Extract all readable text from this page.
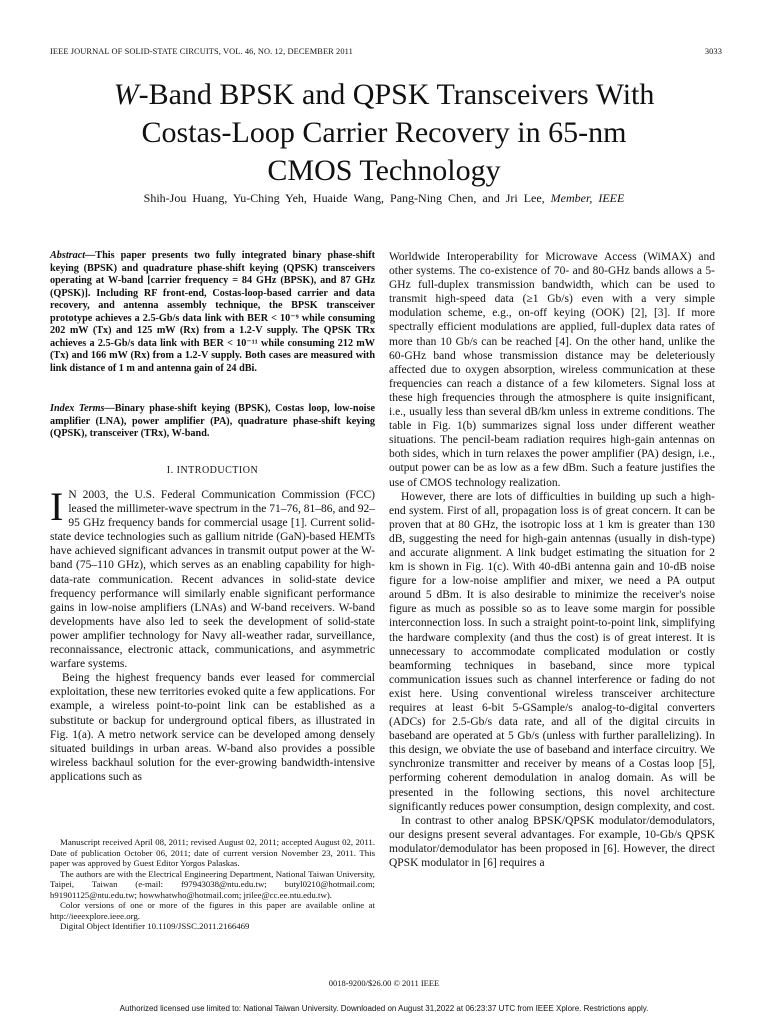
IEEE JOURNAL OF SOLID-STATE CIRCUITS, VOL. 46, NO. 12, DECEMBER 2011	3033
W-Band BPSK and QPSK Transceivers With
Costas-Loop Carrier Recovery in 65-nm
CMOS Technology
Shih-Jou Huang, Yu-Ching Yeh, Huaide Wang, Pang-Ning Chen, and Jri Lee, Member, IEEE
Abstract—This paper presents two fully integrated binary phase-shift keying (BPSK) and quadrature phase-shift keying (QPSK) transceivers operating at W-band [carrier frequency = 84 GHz (BPSK), and 87 GHz (QPSK)]. Including RF front-end, Costas-loop-based carrier and data recovery, and antenna assembly technique, the BPSK transceiver prototype achieves a 2.5-Gb/s data link with BER < 10⁻⁹ while consuming 202 mW (Tx) and 125 mW (Rx) from a 1.2-V supply. The QPSK TRx achieves a 2.5-Gb/s data link with BER < 10⁻¹¹ while consuming 212 mW (Tx) and 166 mW (Rx) from a 1.2-V supply. Both cases are measured with link distance of 1 m and antenna gain of 24 dBi.
Index Terms—Binary phase-shift keying (BPSK), Costas loop, low-noise amplifier (LNA), power amplifier (PA), quadrature phase-shift keying (QPSK), transceiver (TRx), W-band.
I. INTRODUCTION

I N 2003, the U.S. Federal Communication Commission (FCC) leased the millimeter-wave spectrum in the 71–76, 81–86, and 92–95 GHz frequency bands for commercial usage [1]. Current solid-state device technologies such as gallium nitride (GaN)-based HEMTs have achieved significant advances in transmit output power at the W-band (75–110 GHz), which serves as an enabling capability for high-data-rate communication. Recent advances in solid-state device frequency performance will similarly enable significant performance gains in low-noise amplifiers (LNAs) and W-band receivers. W-band developments have also led to seek the development of solid-state power amplifier technology for Navy all-weather radar, surveillance, reconnaissance, electronic attack, communications, and asymmetric warfare systems.

Being the highest frequency bands ever leased for commercial exploitation, these new territories evoked quite a few applications. For example, a wireless point-to-point link can be established as a substitute or backup for underground optical fibers, as illustrated in Fig. 1(a). A metro network service can be developed among densely situated buildings in urban areas. W-band also provides a possible wireless backhaul solution for the ever-growing bandwidth-intensive applications such as

Manuscript received April 08, 2011; revised August 02, 2011; accepted August 02, 2011. Date of publication October 06, 2011; date of current version November 23, 2011. This paper was approved by Guest Editor Yorgos Palaskas.

The authors are with the Electrical Engineering Department, National Taiwan University, Taipei, Taiwan (e-mail: f97943038@ntu.edu.tw; butyl0210@hotmail.com; b91901125@ntu.edu.tw; howwhatwho@hotmail.com; jrilee@cc.ee.ntu.edu.tw).

Color versions of one or more of the figures in this paper are available online at http://ieeexplore.ieee.org.

Digital Object Identifier 10.1109/JSSC.2011.2166469

Worldwide Interoperability for Microwave Access (WiMAX) and other systems. The co-existence of 70- and 80-GHz bands allows a 5-GHz full-duplex transmission bandwidth, which can be used to transmit high-speed data (≥1 Gb/s) even with a very simple modulation scheme, e.g., on-off keying (OOK) [2], [3]. If more spectrally efficient modulations are applied, full-duplex data rates of more than 10 Gb/s can be reached [4]. On the other hand, unlike the 60-GHz band whose transmission distance may be deleteriously affected due to oxygen absorption, wireless communication at these frequencies can reach a distance of a few kilometers. Signal loss at these high frequencies through the atmosphere is quite insignificant, i.e., usually less than several dB/km unless in extreme conditions. The table in Fig. 1(b) summarizes signal loss under different weather situations. The pencil-beam radiation requires high-gain antennas on both sides, which in turn relaxes the power amplifier (PA) design, i.e., output power can be as low as a few dBm. Such a feature justifies the use of CMOS technology realization.

However, there are lots of difficulties in building up such a high-end system. First of all, propagation loss is of great concern. It can be proven that at 80 GHz, the isotropic loss at 1 km is greater than 130 dB, suggesting the need for high-gain antennas (usually in dish-type) and accurate alignment. A link budget estimating the situation for 2 km is shown in Fig. 1(c). With 40-dBi antenna gain and 10-dB noise figure for a low-noise amplifier and mixer, we need a PA output around 5 dBm. It is also desirable to minimize the receiver's noise figure as much as possible so as to leave some margin for possible interconnection loss. In such a straight point-to-point link, simplifying the hardware complexity (and thus the cost) is of great interest. It is unnecessary to accommodate complicated modulation or costly beamforming techniques in baseband, since more typical communication issues such as channel interference or fading do not exist here. Using conventional wireless transceiver architecture requires at least 6-bit 5-GSample/s analog-to-digital converters (ADCs) for 2.5-Gb/s data rate, and all of the digital circuits in baseband are operated at 5 Gb/s (unless with further parallelizing). In this design, we obviate the use of baseband and interface circuitry. We synchronize transmitter and receiver by means of a Costas loop [5], performing coherent demodulation in analog domain. As will be presented in the following sections, this novel architecture significantly reduces power consumption, design complexity, and cost.

In contrast to other analog BPSK/QPSK modulator/demodulators, our designs present several advantages. For example, 10-Gb/s QPSK modulator/demodulator has been proposed in [6]. However, the direct QPSK modulator in [6] requires a

0018-9200/$26.00 © 2011 IEEE
Authorized licensed use limited to: National Taiwan University. Downloaded on August 31,2022 at 06:23:37 UTC from IEEE Xplore. Restrictions apply.
